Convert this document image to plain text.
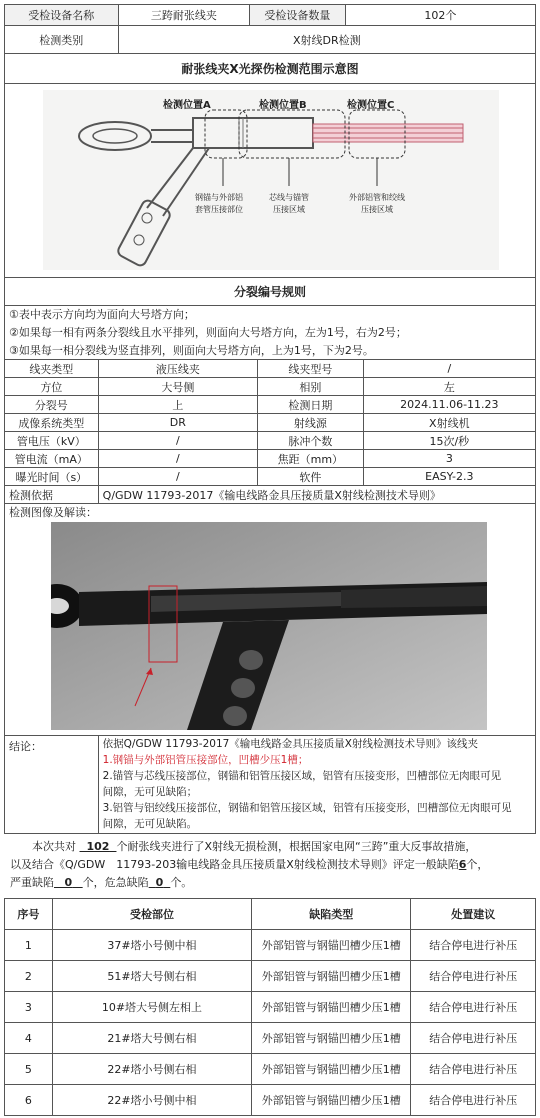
受检设备名称	三跨耐张线夹	受检设备数量	102个
检测类别	X射线DR检测
耐张线夹X光探伤检测范围示意图
检测位置A	检测位置B	检测位置C
钢锚与外部铝
套管压接部位
芯线与锚管
压接区域
外部铝管和绞线
压接区域
分裂编号规则
①表中表示方向均为面向大号塔方向；
②如果每一相有两条分裂线且水平排列，则面向大号塔方向，左为1号，右为2号；
③如果每一相分裂线为竖直排列，则面向大号塔方向，上为1号，下为2号。
线夹类型	液压线夹	线夹型号	/
方位	大号侧	相别	左
分裂号	上	检测日期	2024.11.06-11.23
成像系统类型	DR	射线源	X射线机
管电压（kV）	/	脉冲个数	15次/秒
管电流（mA）	/	焦距（mm）	3
曝光时间（s）	/	软件	EASY-2.3
检测依据	Q/GDW 11793-2017《输电线路金具压接质量X射线检测技术导则》
检测图像及解读：
结论：	依据Q/GDW 11793-2017《输电线路金具压接质量X射线检测技术导则》该线夹
1.钢锚与外部铝管压接部位，凹槽少压1槽；
2.锚管与芯线压接部位，钢锚和铝管压接区域，铝管有压接变形，凹槽部位无肉眼可见
间隙，无可见缺陷；
3.铝管与铝绞线压接部位，钢锚和铝管压接区域，铝管有压接变形，凹槽部位无肉眼可见
间隙，无可见缺陷。
　　本次共对 102 个耐张线夹进行了X射线无损检测，根据国家电网“三跨”重大反事故措施，
以及结合《Q/GDW　11793-203输电线路金具压接质量X射线检测技术导则》评定一般缺陷6个，
严重缺陷 0 个，危急缺陷 0 个。
序号	受检部位	缺陷类型	处置建议
1	37#塔小号侧中相	外部铝管与钢锚凹槽少压1槽	结合停电进行补压
2	51#塔大号侧右相	外部铝管与钢锚凹槽少压1槽	结合停电进行补压
3	10#塔大号侧左相上	外部铝管与钢锚凹槽少压1槽	结合停电进行补压
4	21#塔大号侧右相	外部铝管与钢锚凹槽少压1槽	结合停电进行补压
5	22#塔小号侧右相	外部铝管与钢锚凹槽少压1槽	结合停电进行补压
6	22#塔小号侧中相	外部铝管与钢锚凹槽少压1槽	结合停电进行补压
